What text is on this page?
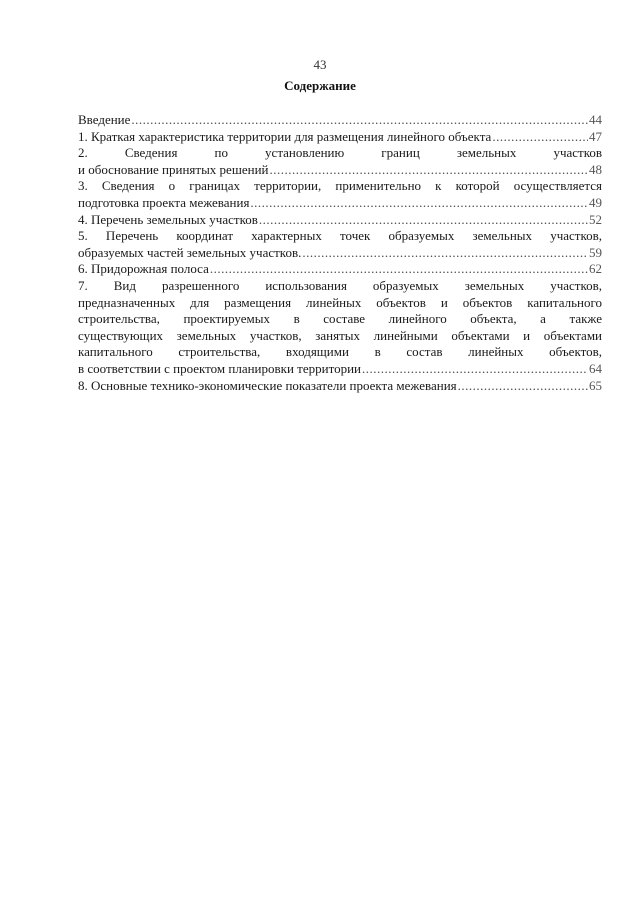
43
Содержание
Введение .....	44
1. Краткая характеристика территории для размещения линейного объекта .....	47
2. Сведения по установлению границ земельных участков
и обоснование принятых решений .....	48
3. Сведения о границах территории, применительно к которой осуществляется
подготовка проекта межевания .....	49
4. Перечень земельных участков .....	52
5. Перечень координат характерных точек образуемых земельных участков,
образуемых частей земельных участков. .....	59
6. Придорожная полоса .....	62
7. Вид разрешенного использования образуемых земельных участков,
предназначенных для размещения линейных объектов и объектов капитального
строительства, проектируемых в составе линейного объекта, а также
существующих земельных участков, занятых линейными объектами и объектами
капитального строительства, входящими в состав линейных объектов,
в соответствии с проектом планировки территории .....	64
8. Основные технико-экономические показатели проекта межевания .....	65
